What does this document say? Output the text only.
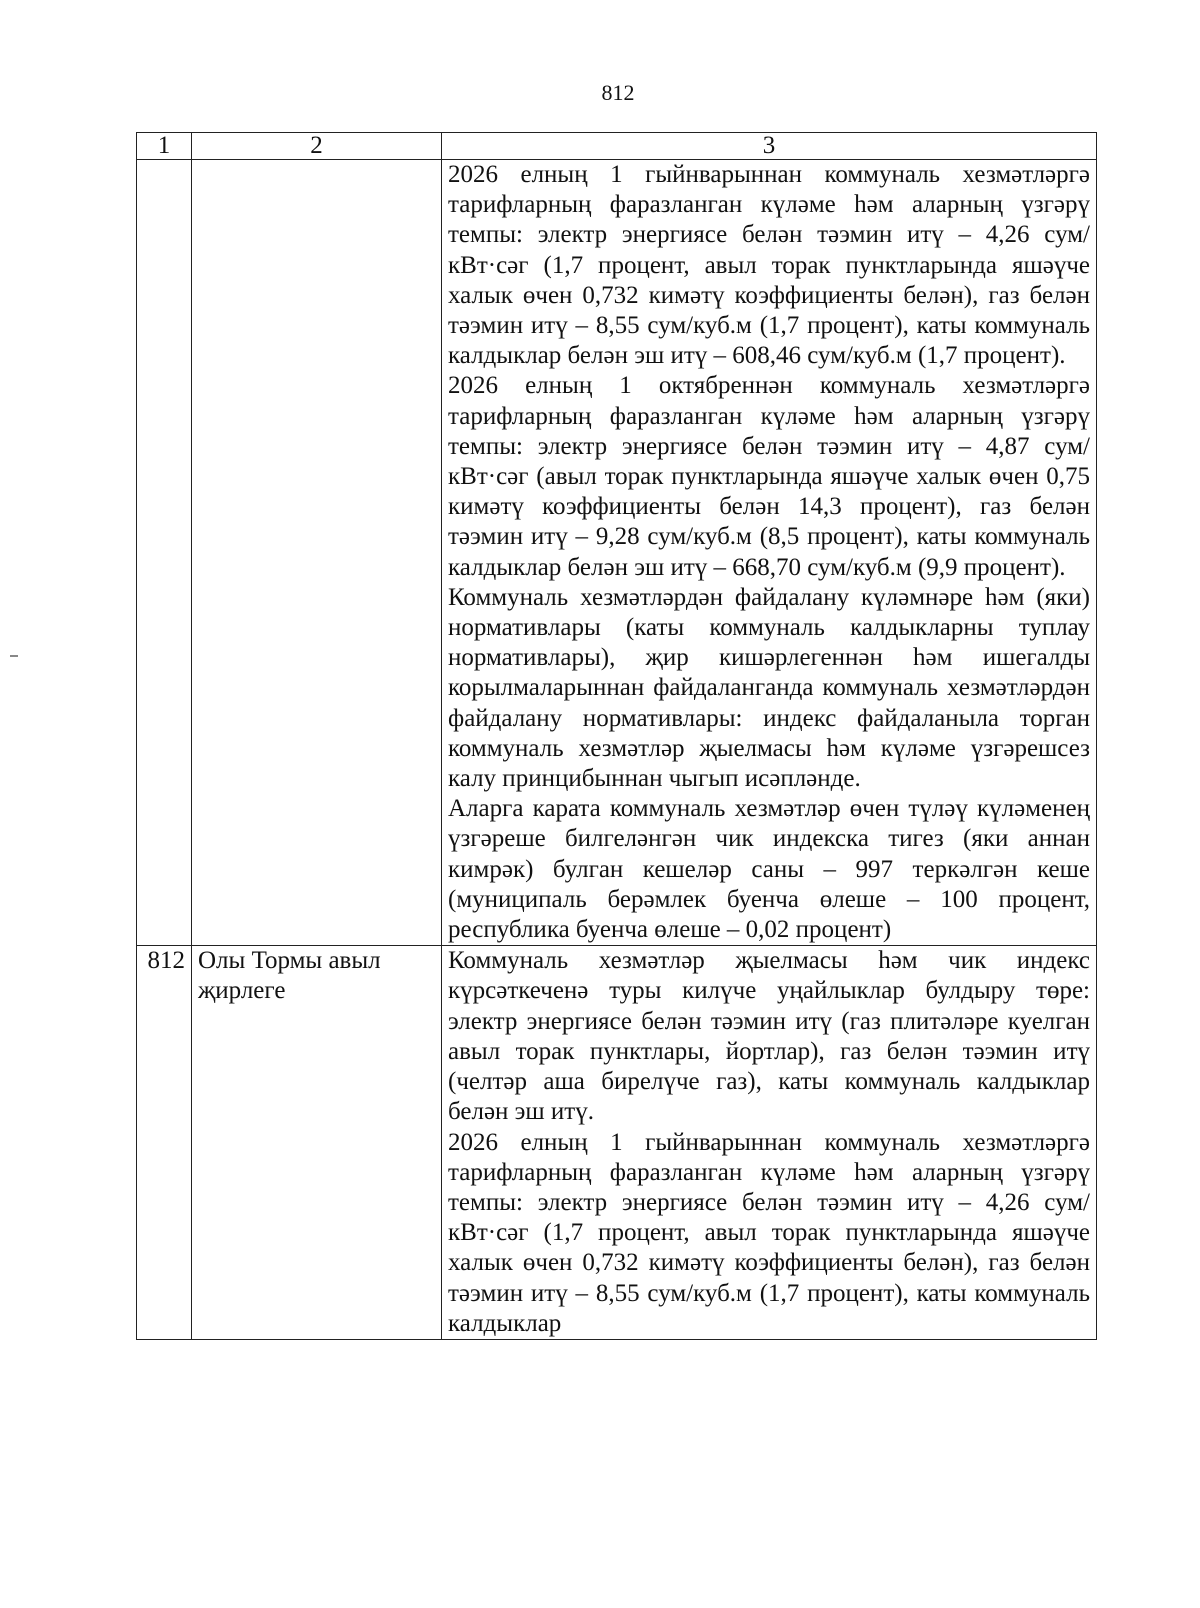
812
1	2	3

		2026 елның 1 гыйнварыннан коммуналь хезмәтләргә тарифларның фаразланган күләме һәм аларның үзгәрү темпы: электр энергиясе белән тәэмин итү – 4,26 сум/кВт·сәг (1,7 процент, авыл торак пунктларында яшәүче халык өчен 0,732 кимәтү коэффициенты белән), газ белән тәэмин итү – 8,55 сум/куб.м (1,7 процент), каты коммуналь калдыклар белән эш итү – 608,46 сум/куб.м (1,7 процент).

2026 елның 1 октябреннән коммуналь хезмәтләргә тарифларның фаразланган күләме һәм аларның үзгәрү темпы: электр энергиясе белән тәэмин итү – 4,87 сум/кВт·сәг (авыл торак пунктларында яшәүче халык өчен 0,75 кимәтү коэффициенты белән 14,3 процент), газ белән тәэмин итү – 9,28 сум/куб.м (8,5 процент), каты коммуналь калдыклар белән эш итү – 668,70 сум/куб.м (9,9 процент).

Коммуналь хезмәтләрдән файдалану күләмнәре һәм (яки) нормативлары (каты коммуналь калдыкларны туплау нормативлары), җир кишәрлегеннән һәм ишегалды корылмаларыннан файдаланганда коммуналь хезмәтләрдән файдалану нормативлары: индекс файдаланыла торган коммуналь хезмәтләр җыелмасы һәм күләме үзгәрешсез калу принцибыннан чыгып исәпләнде.

Аларга карата коммуналь хезмәтләр өчен түләү күләменең үзгәреше билгеләнгән чик индекска тигез (яки аннан кимрәк) булган кешеләр саны – 997 теркәлгән кеше (муниципаль берәмлек буенча өлеше – 100 процент, республика буенча өлеше – 0,02 процент)

812	Олы Тормы авыл җирлеге	Коммуналь хезмәтләр җыелмасы һәм чик индекс күрсәткеченә туры килүче уңайлыклар булдыру төре: электр энергиясе белән тәэмин итү (газ плитәләре куелган авыл торак пунктлары, йортлар), газ белән тәэмин итү (челтәр аша бирелүче газ), каты коммуналь калдыклар белән эш итү.

2026 елның 1 гыйнварыннан коммуналь хезмәтләргә тарифларның фаразланган күләме һәм аларның үзгәрү темпы: электр энергиясе белән тәэмин итү – 4,26 сум/кВт·сәг (1,7 процент, авыл торак пунктларында яшәүче халык өчен 0,732 кимәтү коэффициенты белән), газ белән тәэмин итү – 8,55 сум/куб.м (1,7 процент), каты коммуналь калдыклар
